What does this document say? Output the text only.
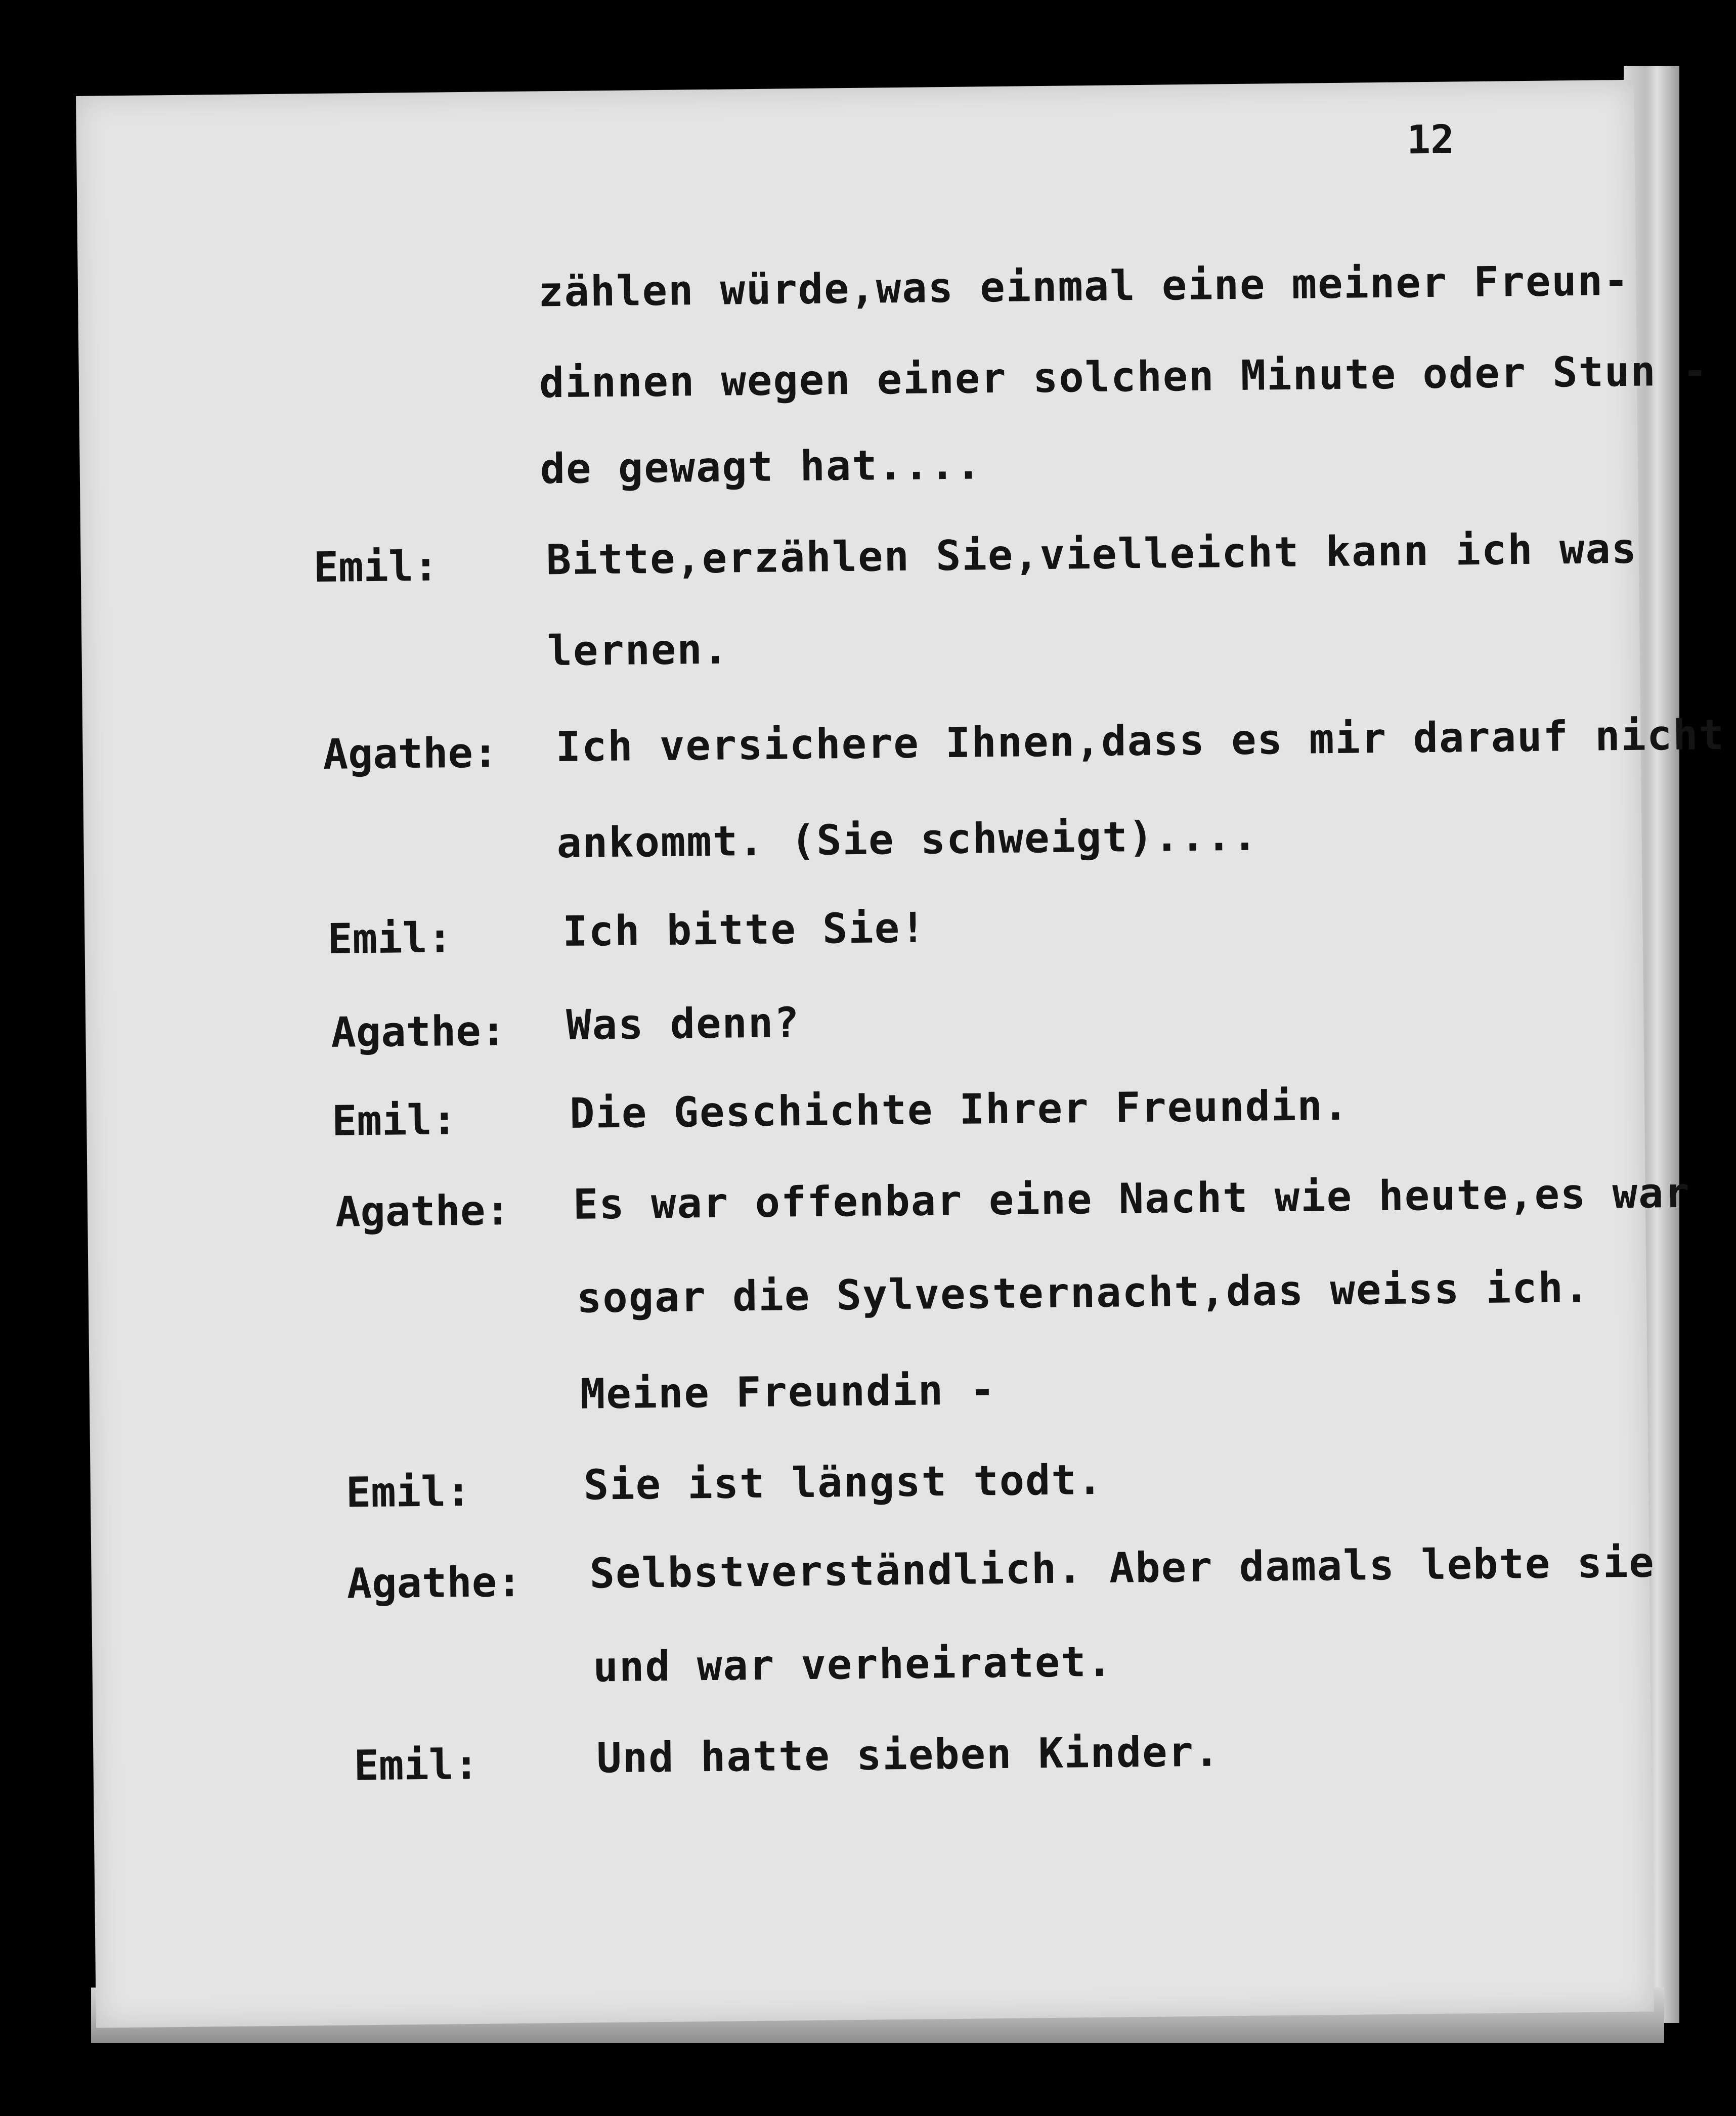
12
zählen würde,was einmal eine meiner Freun-
dinnen wegen einer solchen Minute oder Stun -
de gewagt hat....
Emil:	Bitte,erzählen Sie,vielleicht kann ich was
lernen.
Agathe: Ich versichere Ihnen,dass es mir darauf nicht
ankommt. (Sie schweigt)....
Emil:	Ich bitte Sie!
Agathe: Was denn?
Emil:	Die Geschichte Ihrer Freundin.
Agathe: Es war offenbar eine Nacht wie heute,es war
sogar die Sylvesternacht,das weiss ich.
Meine Freundin -
Emil:	Sie ist längst todt.
Agathe: Selbstverständlich. Aber damals lebte sie
und war verheiratet.
Emil:	Und hatte sieben Kinder.
